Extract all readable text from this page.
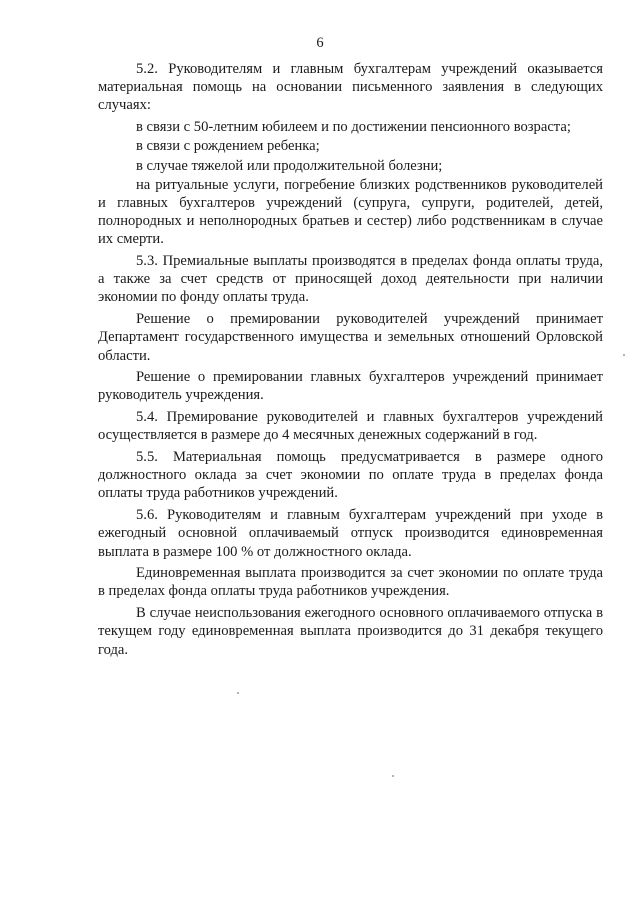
6

5.2. Руководителям и главным бухгалтерам учреждений оказывается материальная помощь на основании письменного заявления в следующих случаях:

в связи с 50-летним юбилеем и по достижении пенсионного возраста;

в связи с рождением ребенка;

в случае тяжелой или продолжительной болезни;

на ритуальные услуги, погребение близких родственников руководителей и главных бухгалтеров учреждений (супруга, супруги, родителей, детей, полнородных и неполнородных братьев и сестер) либо родственникам в случае их смерти.

5.3. Премиальные выплаты производятся в пределах фонда оплаты труда, а также за счет средств от приносящей доход деятельности при наличии экономии по фонду оплаты труда.

Решение о премировании руководителей учреждений принимает Департамент государственного имущества и земельных отношений Орловской области.

Решение о премировании главных бухгалтеров учреждений принимает руководитель учреждения.

5.4. Премирование руководителей и главных бухгалтеров учреждений осуществляется в размере до 4 месячных денежных содержаний в год.

5.5. Материальная помощь предусматривается в размере одного должностного оклада за счет экономии по оплате труда в пределах фонда оплаты труда работников учреждений.

5.6. Руководителям и главным бухгалтерам учреждений при уходе в ежегодный основной оплачиваемый отпуск производится единовременная выплата в размере 100 % от должностного оклада.

Единовременная выплата производится за счет экономии по оплате труда в пределах фонда оплаты труда работников учреждения.

В случае неиспользования ежегодного основного оплачиваемого отпуска в текущем году единовременная выплата производится до 31 декабря текущего года.
